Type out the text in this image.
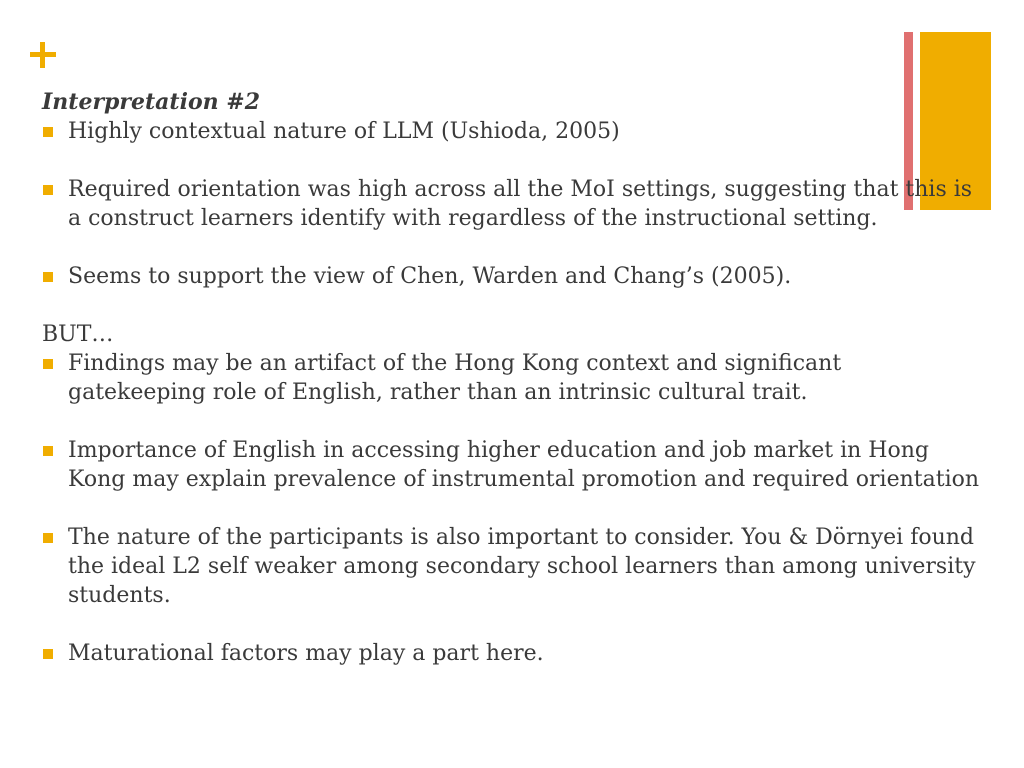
Interpretation #2

Highly contextual nature of LLM (Ushioda, 2005)
Required orientation was high across all the MoI settings, suggesting that this is a construct learners identify with regardless of the instructional setting.
Seems to support the view of Chen, Warden and Chang’s (2005).

BUT…

Findings may be an artifact of the Hong Kong context and significant gatekeeping role of English, rather than an intrinsic cultural trait.
Importance of English in accessing higher education and job market in Hong Kong may explain prevalence of instrumental promotion and required orientation
The nature of the participants is also important to consider. You & Dörnyei found the ideal L2 self weaker among secondary school learners than among university students.
Maturational factors may play a part here.
